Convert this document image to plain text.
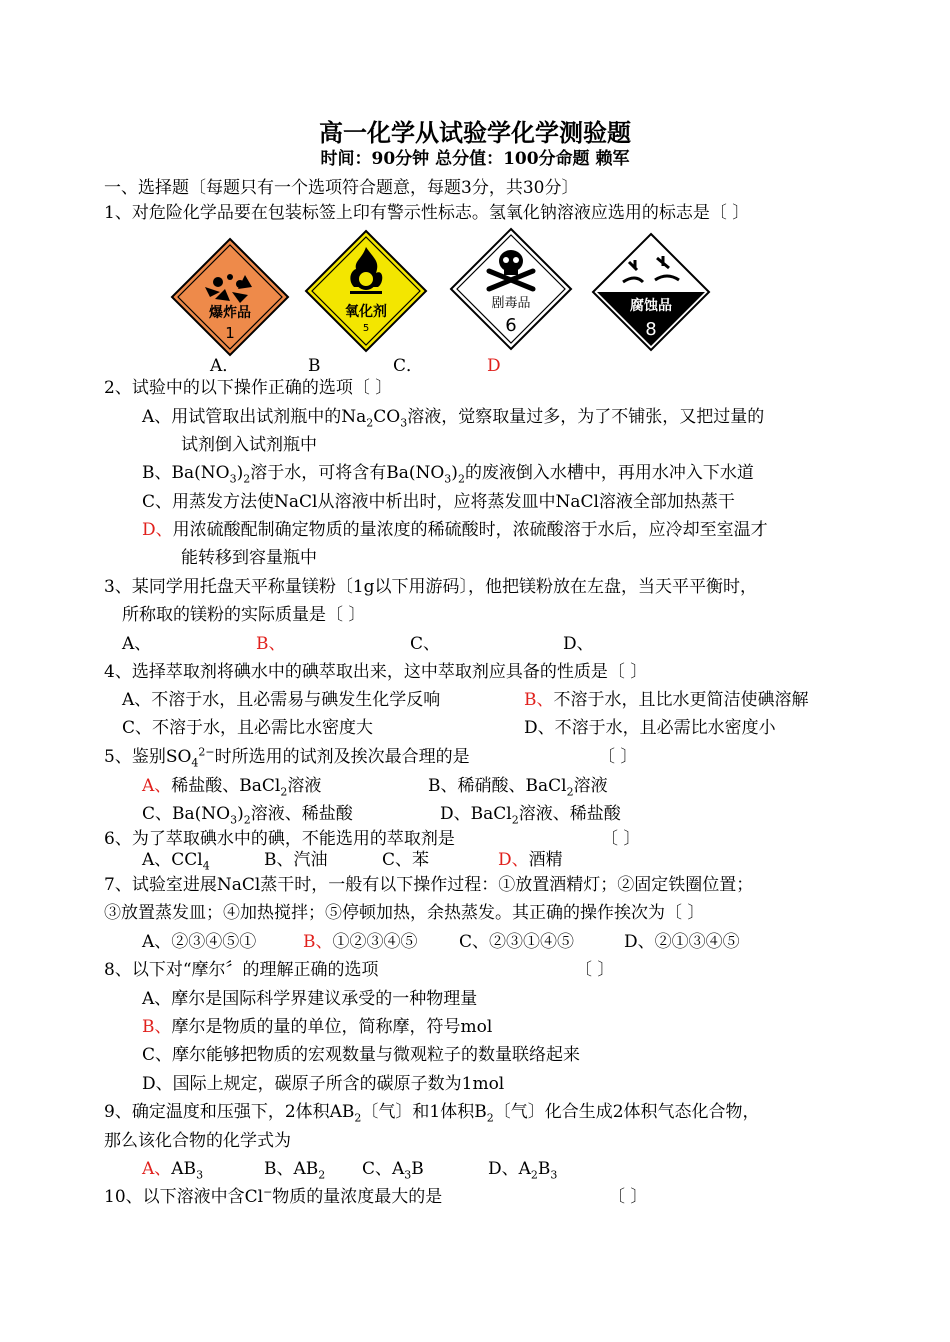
高一化学从试验学化学测验题
时间：90分钟 总分值：100分命题 赖军
一、选择题〔每题只有一个选项符合题意，每题3分，共30分〕
1、对危险化学品要在包装标签上印有警示性标志。氢氧化钠溶液应选用的标志是〔 〕
爆炸品
1
氧化剂
5
剧毒品
6
腐蚀品
8
A．	B	C．	D
2、试验中的以下操作正确的选项〔 〕
A、用试管取出试剂瓶中的$Na_2CO_3$溶液，觉察取量过多，为了不铺张，又把过量的
试剂倒入试剂瓶中
B、$Ba(NO_3)_2$溶于水，可将含有$Ba(NO_3)_2$的废液倒入水槽中，再用水冲入下水道
C、用蒸发方法使NaCl从溶液中析出时，应将蒸发皿中NaCl溶液全部加热蒸干
D、用浓硫酸配制确定物质的量浓度的稀硫酸时，浓硫酸溶于水后，应冷却至室温才
能转移到容量瓶中
3、某同学用托盘天平称量镁粉〔1g以下用游码〕，他把镁粉放在左盘，当天平平衡时，
所称取的镁粉的实际质量是〔 〕
A、	B、	C、	D、
4、选择萃取剂将碘水中的碘萃取出来，这中萃取剂应具备的性质是〔 〕
A、不溶于水，且必需易与碘发生化学反响	B、不溶于水，且比水更简洁使碘溶解
C、不溶于水，且必需比水密度大	D、不溶于水，且必需比水密度小
5、鉴别$SO_4^{2-}$时所选用的试剂及挨次最合理的是	〔 〕
A、稀盐酸、BaCl$_2$溶液	B、稀硝酸、BaCl$_2$溶液
C、$Ba(NO_3)_2$溶液、稀盐酸	D、BaCl$_2$溶液、稀盐酸
6、为了萃取碘水中的碘，不能选用的萃取剂是	〔 〕
A、CCl$_4$	B、汽油	C、苯	D、酒精
7、试验室进展NaCl蒸干时，一般有以下操作过程：①放置酒精灯；②固定铁圈位置；
③放置蒸发皿；④加热搅拌；⑤停顿加热，余热蒸发。其正确的操作挨次为〔 〕
A、②③④⑤①	B、①②③④⑤ C、②③①④⑤	D、②①③④⑤
8、以下对“摩尔〞的理解正确的选项	〔 〕
A、摩尔是国际科学界建议承受的一种物理量
B、摩尔是物质的量的单位，简称摩，符号mol
C、摩尔能够把物质的宏观数量与微观粒子的数量联络起来
D、国际上规定，碳原子所含的碳原子数为1mol
9、确定温度和压强下，2体积$AB_2$〔气〕和1体积$B_2$〔气〕化合生成2体积气态化合物，
那么该化合物的化学式为
A、$AB_3$	B、$AB_2$ C、$A_3B$	D、$A_2B_3$
10、以下溶液中含Cl−物质的量浓度最大的是	〔 〕
